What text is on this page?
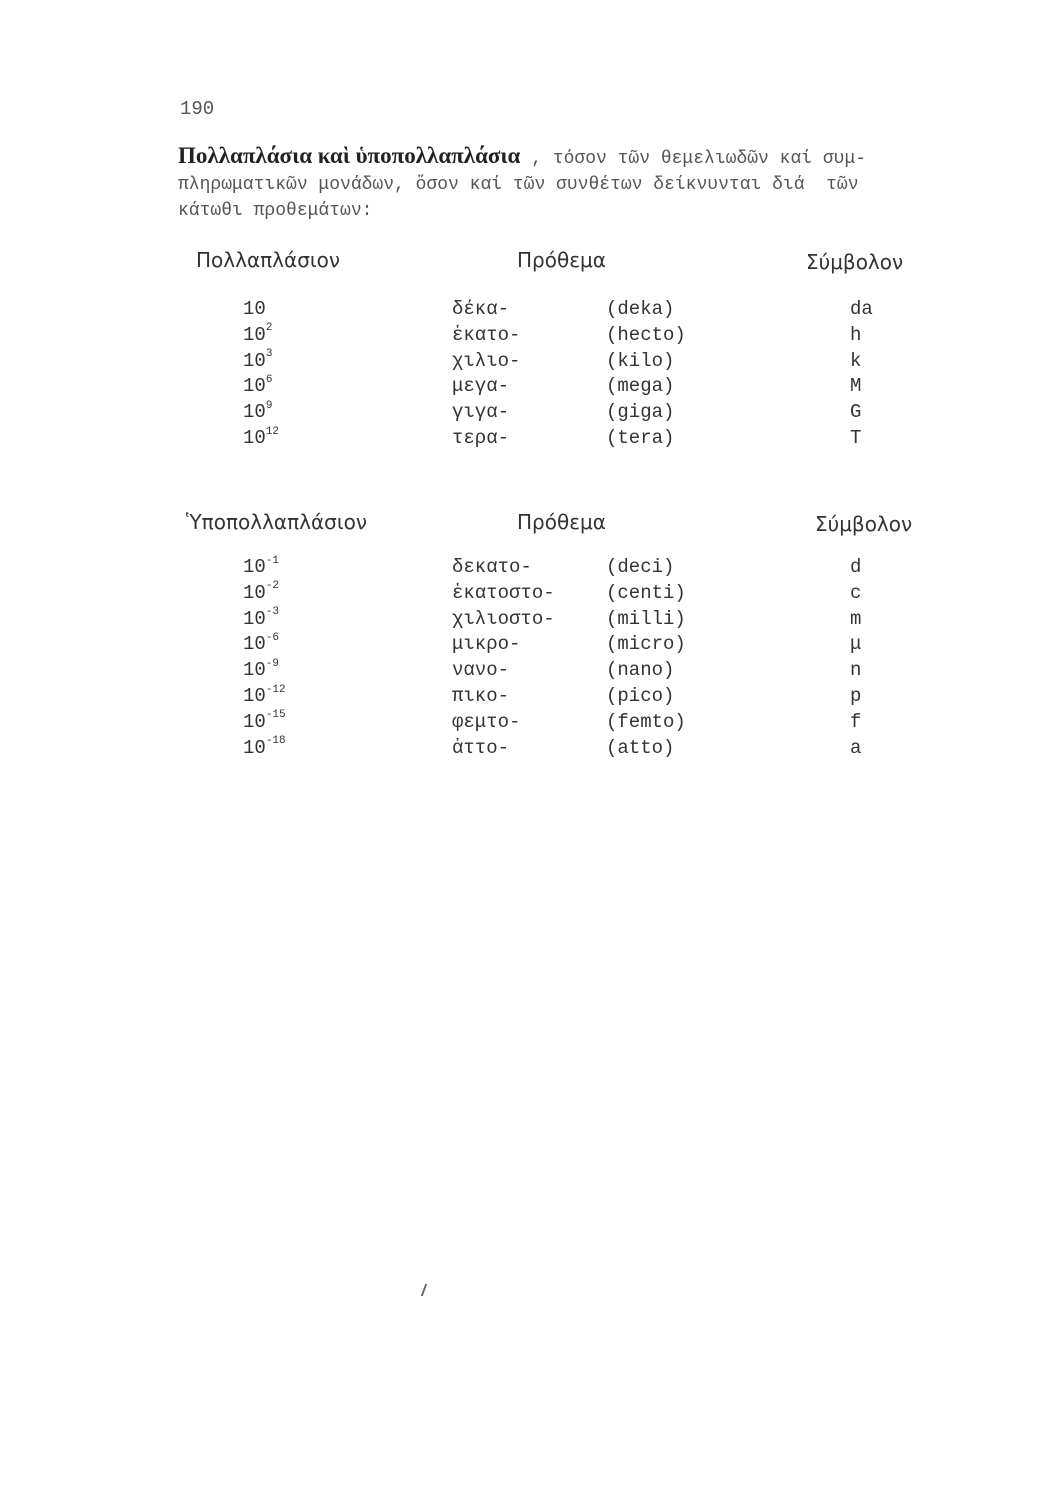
190
Πολλαπλάσια καὶ ὑποπολλαπλάσια , τόσον τῶν θεμελιωδῶν καί συμ-
πληρωματικῶν μονάδων, ὅσον καί τῶν συνθέτων δείκνυνται διά  τῶν
κάτωθι προθεμάτων:
Πολλαπλάσιον	Πρόθεμα	Σύμβολον
10	δέκα-	(deka)	da
$10^2$	ἑκατο-	(hecto)	h
$10^3$	χιλιο-	(kilo)	k
$10^6$	μεγα-	(mega)	M
$10^9$	γιγα-	(giga)	G
$10^{12}$	τερα-	(tera)	T
Ὑποπολλαπλάσιον	Πρόθεμα	Σύμβολον
$10^{-1}$	δεκατο-	(deci)	d
$10^{-2}$	ἑκατοστο-	(centi)	c
$10^{-3}$	χιλιοστο-	(milli)	m
$10^{-6}$	μικρο-	(micro)	μ
$10^{-9}$	νανο-	(nano)	n
$10^{-12}$	πικο-	(pico)	p
$10^{-15}$	φεμτο-	(femto)	f
$10^{-18}$	ἀττο-	(atto)	a
